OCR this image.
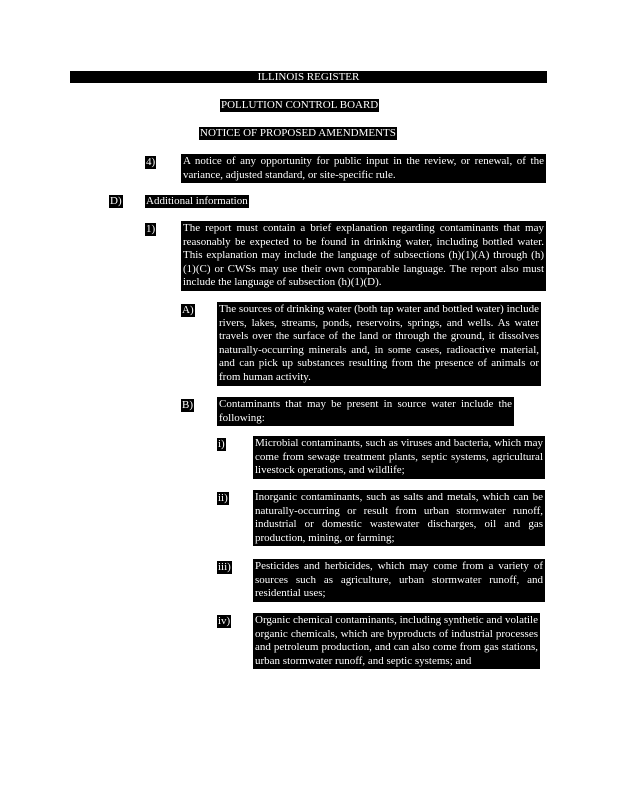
ILLINOIS REGISTER
POLLUTION CONTROL BOARD
NOTICE OF PROPOSED AMENDMENTS
4)	A notice of any opportunity for public input in the review, or renewal, of the variance, adjusted standard, or site-specific rule.
D) Additional information
1)	The report must contain a brief explanation regarding contaminants that may reasonably be expected to be found in drinking water, including bottled water. This explanation may include the language of subsections (h)(1)(A) through (h)(1)(C) or CWSs may use their own comparable language. The report also must include the language of subsection (h)(1)(D).
A) The sources of drinking water (both tap water and bottled water) include rivers, lakes, streams, ponds, reservoirs, springs, and wells. As water travels over the surface of the land or through the ground, it dissolves naturally-occurring minerals and, in some cases, radioactive material, and can pick up substances resulting from the presence of animals or from human activity.
B) Contaminants that may be present in source water include the following:
i)	Microbial contaminants, such as viruses and bacteria, which may come from sewage treatment plants, septic systems, agricultural livestock operations, and wildlife;
ii) Inorganic contaminants, such as salts and metals, which can be naturally-occurring or result from urban stormwater runoff, industrial or domestic wastewater discharges, oil and gas production, mining, or farming;
iii) Pesticides and herbicides, which may come from a variety of sources such as agriculture, urban stormwater runoff, and residential uses;
iv) Organic chemical contaminants, including synthetic and volatile organic chemicals, which are byproducts of industrial processes and petroleum production, and can also come from gas stations, urban stormwater runoff, and septic systems; and
